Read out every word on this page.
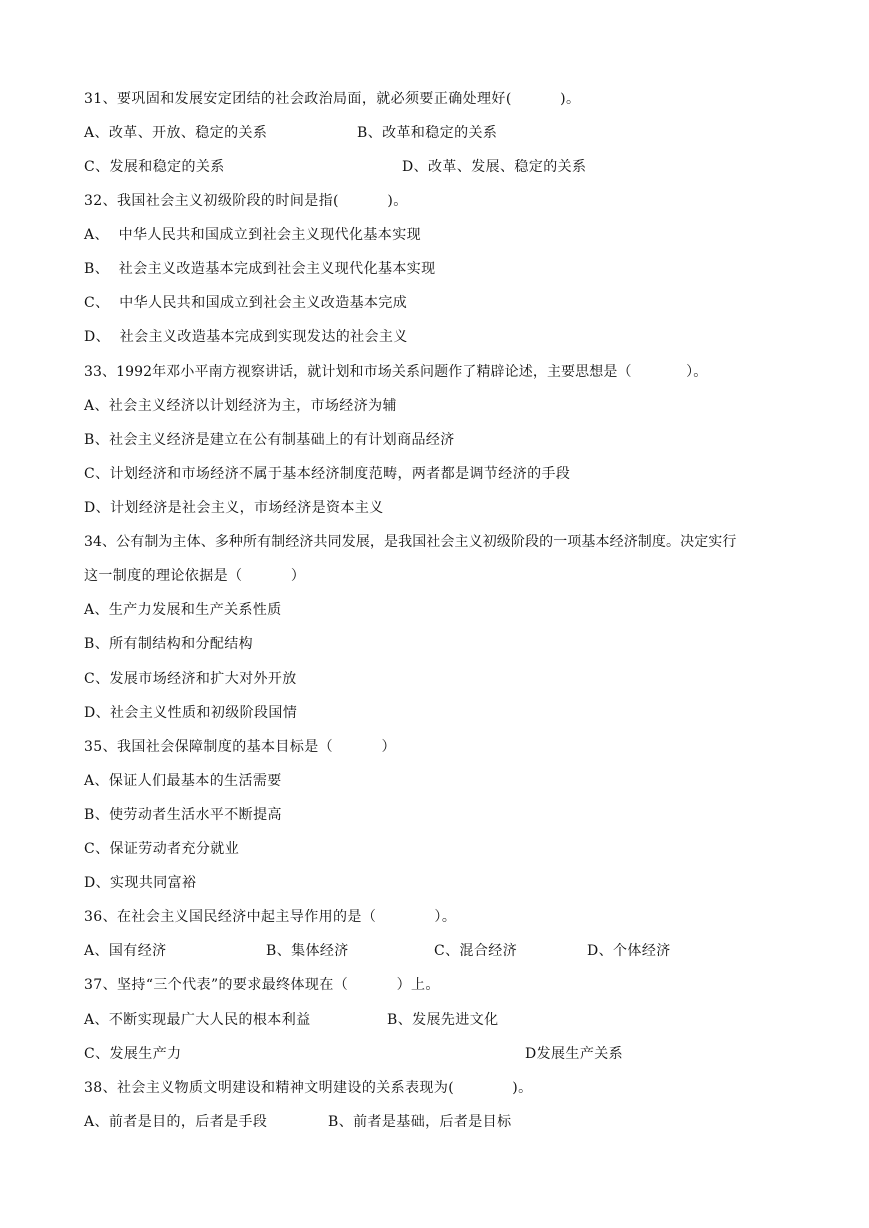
31、要巩固和发展安定团结的社会政治局面，就必须要正确处理好(          )。

A、改革、开放、稳定的关系

	B、改革和稳定的关系

C、发展和稳定的关系

	D、改革、发展、稳定的关系

32、我国社会主义初级阶段的时间是指(          )。
A、  中华人民共和国成立到社会主义现代化基本实现
B、  社会主义改造基本完成到社会主义现代化基本实现
C、  中华人民共和国成立到社会主义改造基本完成
D、  社会主义改造基本完成到实现发达的社会主义
33、1992年邓小平南方视察讲话，就计划和市场关系问题作了精辟论述，主要思想是（            ）。
A、社会主义经济以计划经济为主，市场经济为辅
B、社会主义经济是建立在公有制基础上的有计划商品经济
C、计划经济和市场经济不属于基本经济制度范畴，两者都是调节经济的手段
D、计划经济是社会主义，市场经济是资本主义
34、公有制为主体、多种所有制经济共同发展，是我国社会主义初级阶段的一项基本经济制度。决定实行
这一制度的理论依据是（          ）
A、生产力发展和生产关系性质
B、所有制结构和分配结构
C、发展市场经济和扩大对外开放
D、社会主义性质和初级阶段国情
35、我国社会保障制度的基本目标是（          ）
A、保证人们最基本的生活需要
B、使劳动者生活水平不断提高
C、保证劳动者充分就业
D、实现共同富裕
36、在社会主义国民经济中起主导作用的是（            ）。

A、国有经济

	B、集体经济

	C、混合经济

	D、个体经济

37、坚持“三个代表”的要求最终体现在（          ）上。

A、不断实现最广大人民的根本利益

	B、发展先进文化

C、发展生产力

	D发展生产关系

38、社会主义物质文明建设和精神文明建设的关系表现为(            )。

A、前者是目的，后者是手段

	B、前者是基础，后者是目标
